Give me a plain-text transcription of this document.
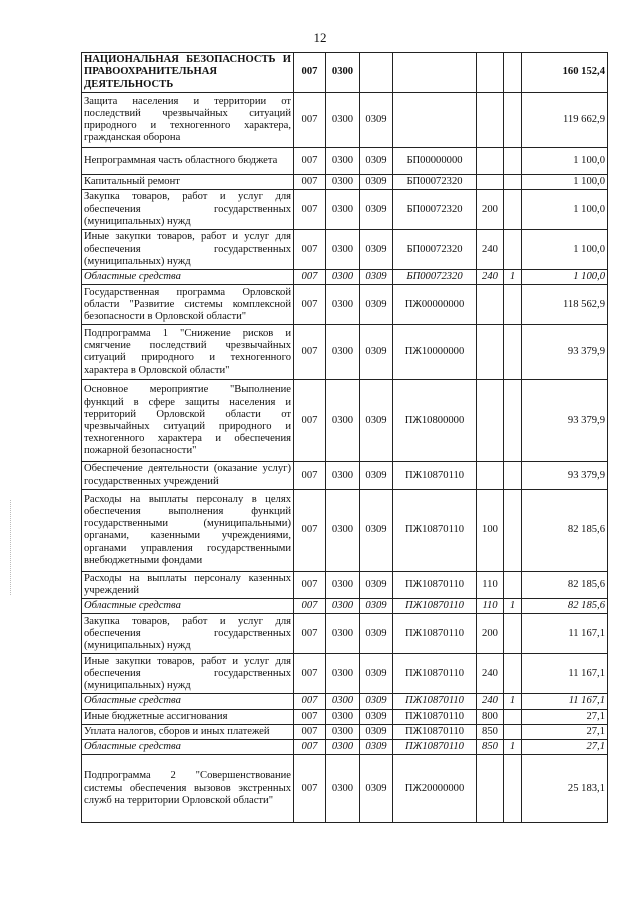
12
НАЦИОНАЛЬНАЯ БЕЗОПАСНОСТЬ И ПРАВООХРАНИТЕЛЬНАЯ ДЕЯТЕЛЬНОСТЬ	007	0300					160 152,4
Защита населения и территории от последствий чрезвычайных ситуаций природного и техногенного характера, гражданская оборона	007	0300	0309				119 662,9
Непрограммная часть областного бюджета	007	0300	0309	БП00000000			1 100,0
Капитальный ремонт	007	0300	0309	БП00072320			1 100,0
Закупка товаров, работ и услуг для обеспечения государственных (муниципальных) нужд	007	0300	0309	БП00072320	200		1 100,0
Иные закупки товаров, работ и услуг для обеспечения государственных (муниципальных) нужд	007	0300	0309	БП00072320	240		1 100,0
Областные средства	007	0300	0309	БП00072320	240	1	1 100,0
Государственная программа Орловской области "Развитие системы комплексной безопасности в Орловской области"	007	0300	0309	ПЖ00000000			118 562,9
Подпрограмма 1 "Снижение рисков и смягчение последствий чрезвычайных ситуаций природного и техногенного характера в Орловской области"	007	0300	0309	ПЖ10000000			93 379,9
Основное мероприятие "Выполнение функций в сфере защиты населения и территорий Орловской области от чрезвычайных ситуаций природного и техногенного характера и обеспечения пожарной безопасности"	007	0300	0309	ПЖ10800000			93 379,9
Обеспечение деятельности (оказание услуг) государственных учреждений	007	0300	0309	ПЖ10870110			93 379,9
Расходы на выплаты персоналу в целях обеспечения выполнения функций государственными (муниципальными) органами, казенными учреждениями, органами управления государственными внебюджетными фондами	007	0300	0309	ПЖ10870110	100		82 185,6
Расходы на выплаты персоналу казенных учреждений	007	0300	0309	ПЖ10870110	110		82 185,6
Областные средства	007	0300	0309	ПЖ10870110	110	1	82 185,6
Закупка товаров, работ и услуг для обеспечения государственных (муниципальных) нужд	007	0300	0309	ПЖ10870110	200		11 167,1
Иные закупки товаров, работ и услуг для обеспечения государственных (муниципальных) нужд	007	0300	0309	ПЖ10870110	240		11 167,1
Областные средства	007	0300	0309	ПЖ10870110	240	1	11 167,1
Иные бюджетные ассигнования	007	0300	0309	ПЖ10870110	800		27,1
Уплата налогов, сборов и иных платежей	007	0300	0309	ПЖ10870110	850		27,1
Областные средства	007	0300	0309	ПЖ10870110	850	1	27,1
Подпрограмма 2 "Совершенствование системы обеспечения вызовов экстренных служб на территории Орловской области"	007	0300	0309	ПЖ20000000			25 183,1
